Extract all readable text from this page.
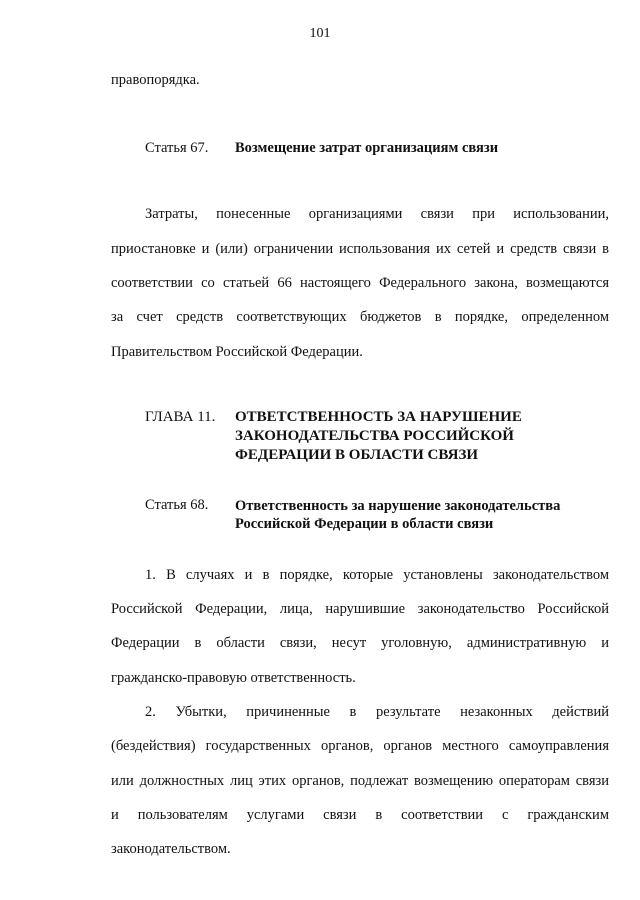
101
правопорядка.
Статья 67. Возмещение затрат организациям связи
Затраты, понесенные организациями связи при использовании,
приостановке и (или) ограничении использования их сетей и средств связи в
соответствии со статьей 66 настоящего Федерального закона, возмещаются
за счет средств соответствующих бюджетов в порядке, определенном
Правительством Российской Федерации.
ГЛАВА 11. ОТВЕТСТВЕННОСТЬ ЗА НАРУШЕНИЕ
ЗАКОНОДАТЕЛЬСТВА РОССИЙСКОЙ
ФЕДЕРАЦИИ В ОБЛАСТИ СВЯЗИ
Статья 68. Ответственность за нарушение законодательства
Российской Федерации в области связи
1. В случаях и в порядке, которые установлены законодательством
Российской Федерации, лица, нарушившие законодательство Российской
Федерации в области связи, несут уголовную, административную и
гражданско-правовую ответственность.
2. Убытки, причиненные в результате незаконных действий
(бездействия) государственных органов, органов местного самоуправления
или должностных лиц этих органов, подлежат возмещению операторам связи
и пользователям услугами связи в соответствии с гражданским
законодательством.
